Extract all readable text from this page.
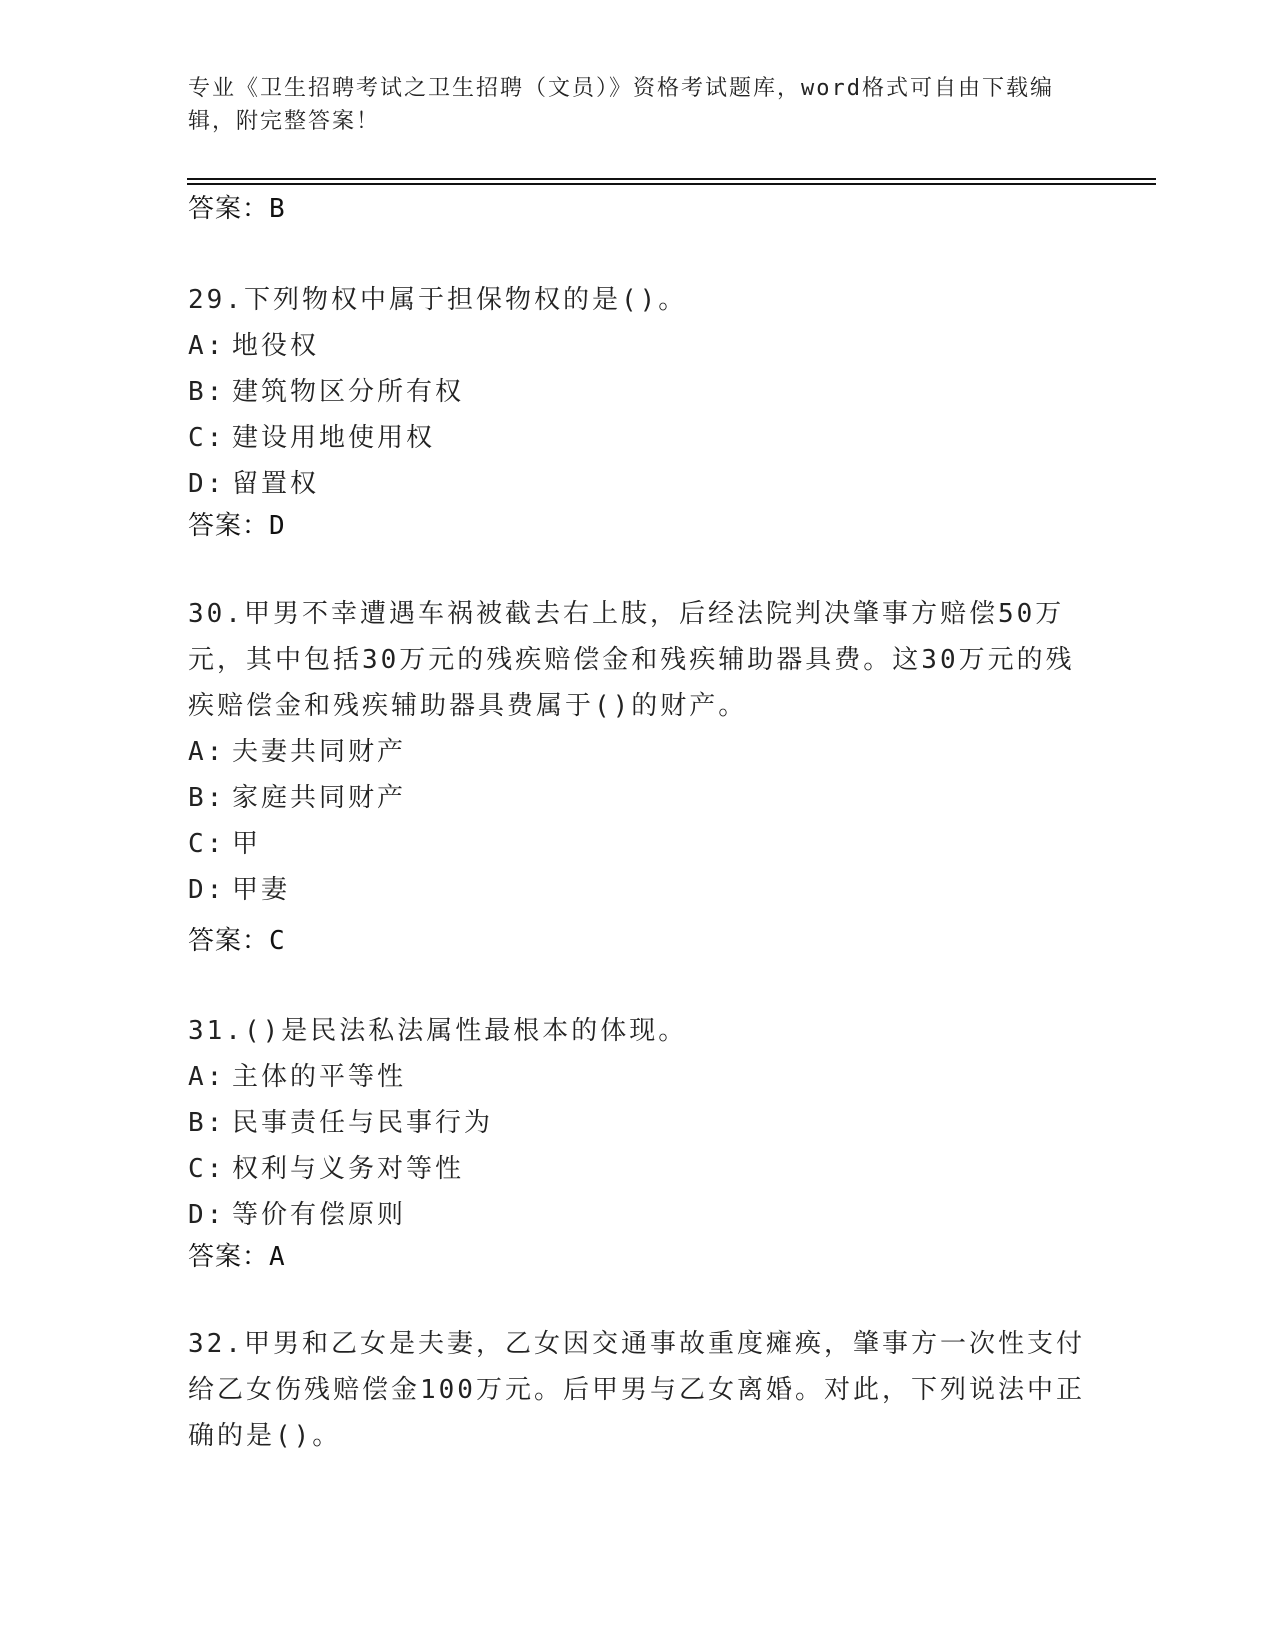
专业《卫生招聘考试之卫生招聘（文员）》资格考试题库，word格式可自由下载编辑，附完整答案！
答案：B

29.下列物权中属于担保物权的是()。

A: 地役权

B: 建筑物区分所有权

C: 建设用地使用权

D: 留置权

答案：D

30.甲男不幸遭遇车祸被截去右上肢，后经法院判决肇事方赔偿50万元，其中包括30万元的残疾赔偿金和残疾辅助器具费。这30万元的残疾赔偿金和残疾辅助器具费属于()的财产。

A: 夫妻共同财产

B: 家庭共同财产

C: 甲

D: 甲妻

答案：C

31.()是民法私法属性最根本的体现。

A: 主体的平等性

B: 民事责任与民事行为

C: 权利与义务对等性

D: 等价有偿原则

答案：A

32.甲男和乙女是夫妻，乙女因交通事故重度瘫痪，肇事方一次性支付给乙女伤残赔偿金100万元。后甲男与乙女离婚。对此，下列说法中正确的是()。
